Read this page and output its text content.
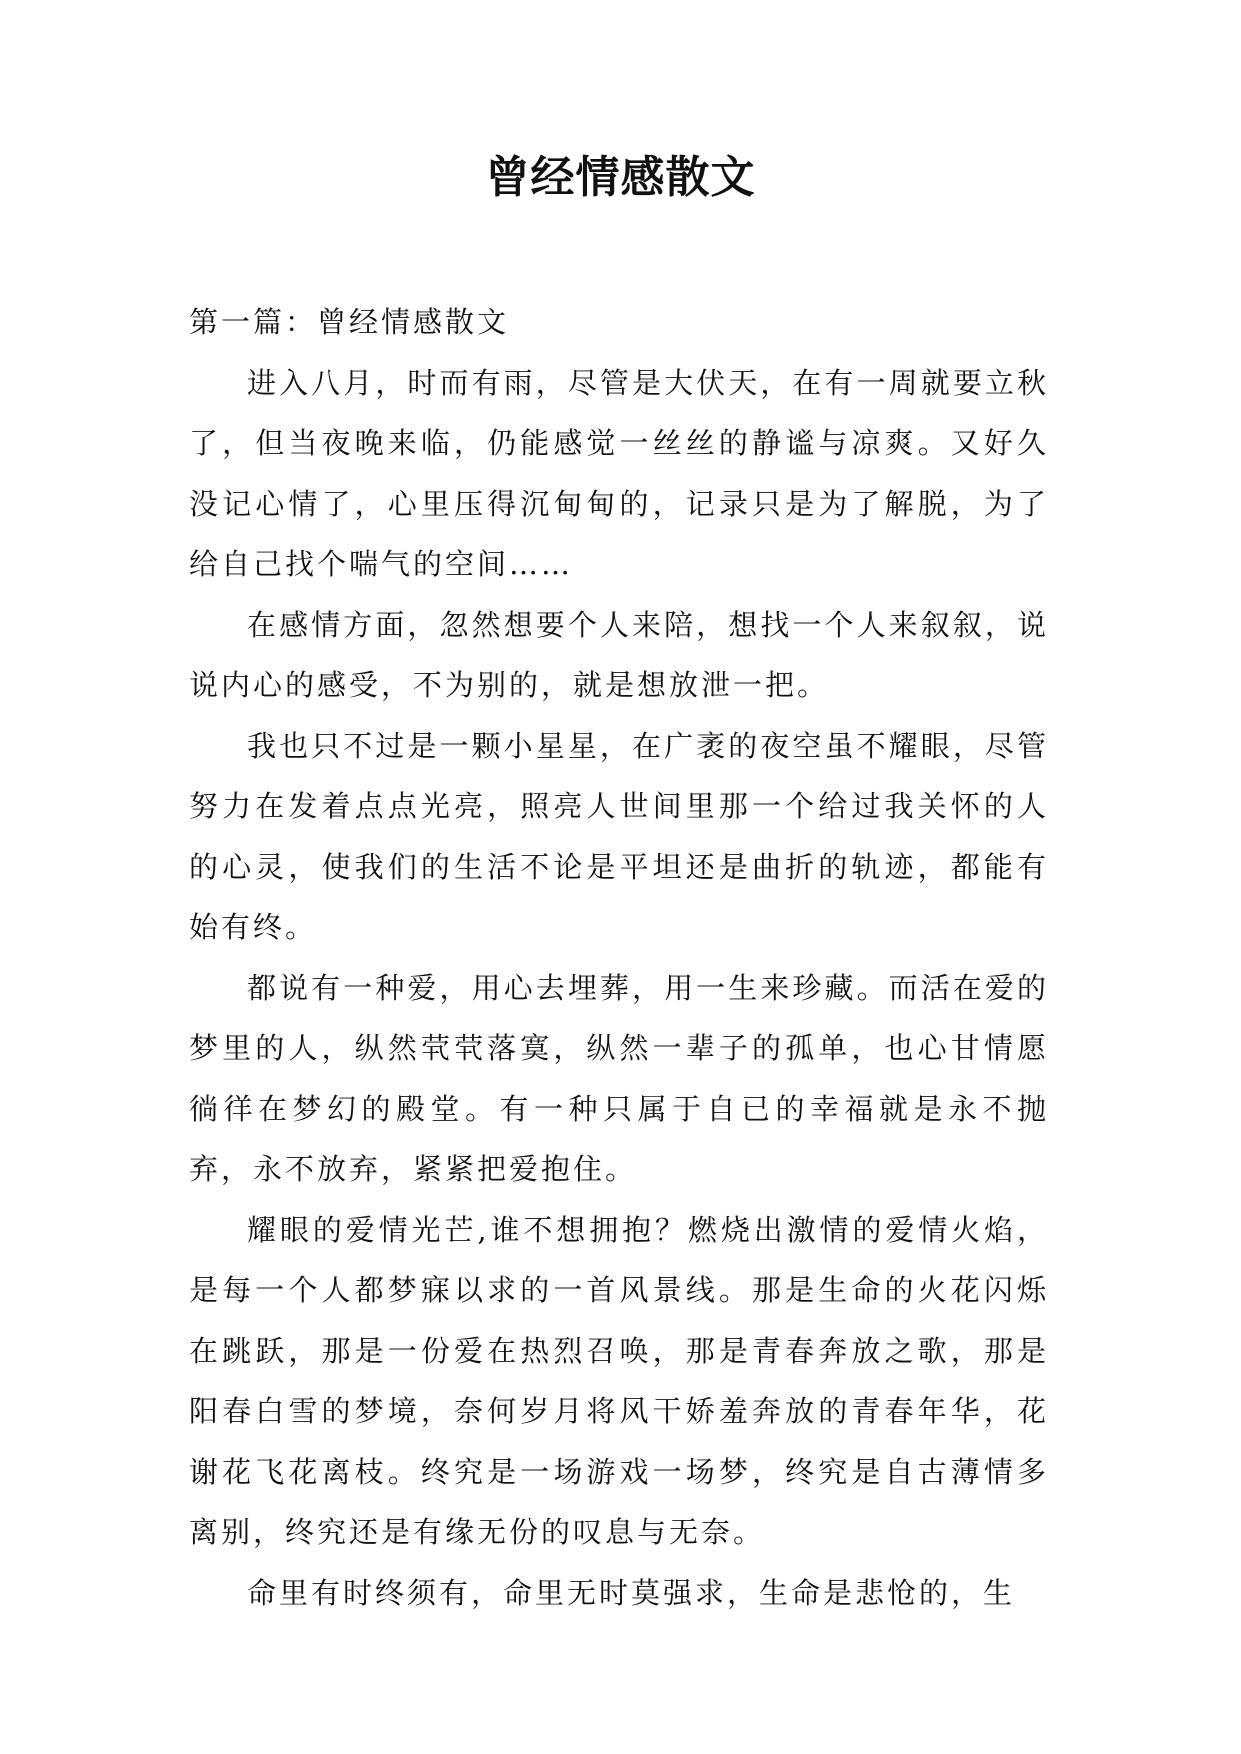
曾经情感散文

第一篇：曾经情感散文

进入八月，时而有雨，尽管是大伏天，在有一周就要立秋了，但当夜晚来临，仍能感觉一丝丝的静谧与凉爽。又好久没记心情了，心里压得沉甸甸的，记录只是为了解脱，为了给自己找个喘气的空间……

在感情方面，忽然想要个人来陪，想找一个人来叙叙，说说内心的感受，不为别的，就是想放泄一把。

我也只不过是一颗小星星，在广袤的夜空虽不耀眼，尽管努力在发着点点光亮，照亮人世间里那一个给过我关怀的人的心灵，使我们的生活不论是平坦还是曲折的轨迹，都能有始有终。

都说有一种爱，用心去埋葬，用一生来珍藏。而活在爱的梦里的人，纵然茕茕落寞，纵然一辈子的孤单，也心甘情愿徜徉在梦幻的殿堂。有一种只属于自已的幸福就是永不抛弃，永不放弃，紧紧把爱抱住。

耀眼的爱情光芒,谁不想拥抱？燃烧出激情的爱情火焰，是每一个人都梦寐以求的一首风景线。那是生命的火花闪烁在跳跃，那是一份爱在热烈召唤，那是青春奔放之歌，那是阳春白雪的梦境，奈何岁月将风干娇羞奔放的青春年华，花谢花飞花离枝。终究是一场游戏一场梦，终究是自古薄情多离别，终究还是有缘无份的叹息与无奈。

命里有时终须有，命里无时莫强求，生命是悲怆的，生
